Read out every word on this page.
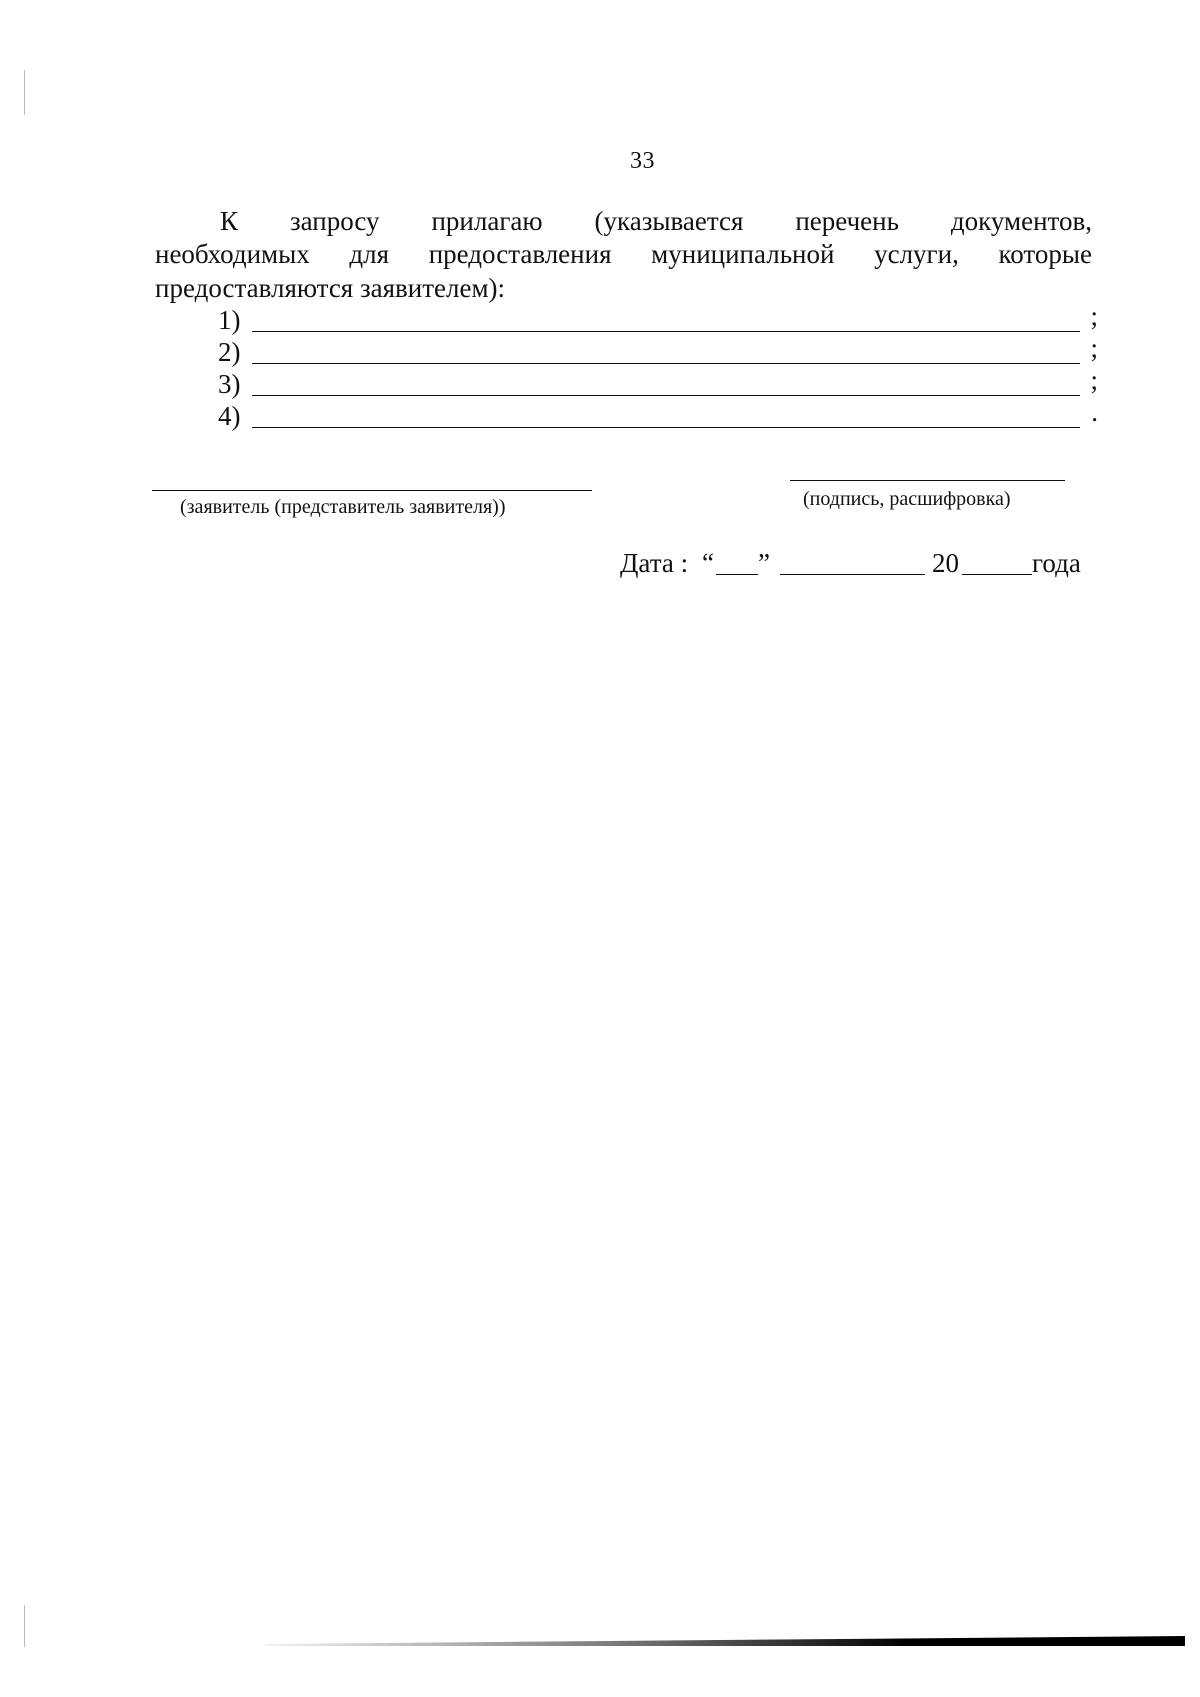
33
К запросу прилагаю (указывается перечень документов,
необходимых для предоставления муниципальной услуги, которые
предоставляются заявителем):
1)	;
2)	;
3)	;
4)	.
(заявитель (представитель заявителя))	(подпись, расшифровка)
Дата : “ ”	20	года
